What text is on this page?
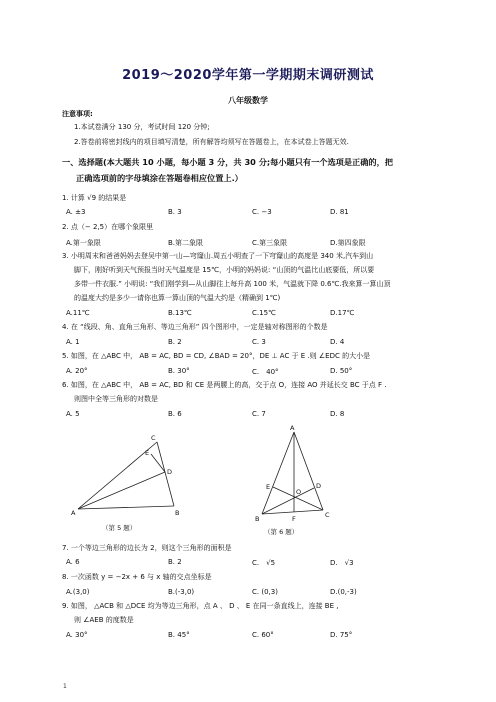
2019～2020学年第一学期期末调研测试
八年级数学
注意事项:
1.本试卷满分 130 分，考试时间 120 分钟;
2.答卷前将密封线内的项目填写清楚，所有解答均须写在答题卷上，在本试卷上答题无效.
一、选择题(本大题共 10 小题，每小题 3 分，共 30 分;每小题只有一个选项是正确的，把
正确选项前的字母填涂在答题卷相应位置上.）
1. 计算 √9 的结果是
A. ±3	B. 3	C. −3	D. 81
2. 点（− 2,5）在哪个象限里
A.第一象限	B.第二象限	C.第三象限	D.第四象限
3. 小明周末和爸爸妈妈去登吴中第一山—穹窿山.周五小明查了一下穹窿山的高度是 340 米,汽车到山
脚下，刚好听到天气预报当时天气温度是 15℃，小明的妈妈说: “山顶的气温比山底要低，所以要
多带一件衣服.” 小明说: “我们刚学到—从山脚往上每升高 100 米，气温就下降 0.6℃.我来算一算山顶
的温度大约是多少一请你也算一算山顶的气温大约是（精确到 1℃)
A.11℃	B.13℃	C.15℃	D.17℃
4. 在 “线段、角、直角三角形、等边三角形” 四个图形中，一定是轴对称图形的个数是
A. 1	B. 2	C. 3	D. 4
5. 如图，在 △ABC 中， AB = AC, BD = CD, ∠BAD = 20°，DE ⊥ AC 于 E .则 ∠EDC 的大小是
A. 20°	B. 30°	C.　40°	D. 50°
6. 如图，在 △ABC 中， AB = AC, BD 和 CE 是两腰上的高，交于点 O，连接 AO 并延长交 BC 于点 F .
则图中全等三角形的对数是
A. 5	B. 6	C. 7	D. 8
A	B
C
D
E
（第 5 题）
A
B	C
D
E
F
O
（第 6 题）
7. 一个等边三角形的边长为 2，则这个三角形的面积是
A. 6	B. 2	C.　√5	D.　√3
8. 一次函数 y = −2x + 6 与 x 轴的交点坐标是
A.(3,0)	B.(-3,0)	C. (0,3)	D.(0,-3)
9. 如图， △ACB 和 △DCE 均为等边三角形，点 A 、 D 、 E 在同一条直线上，连接 BE ,
则 ∠AEB 的度数是
A. 30°	B. 45°	C. 60°	D. 75°
1
